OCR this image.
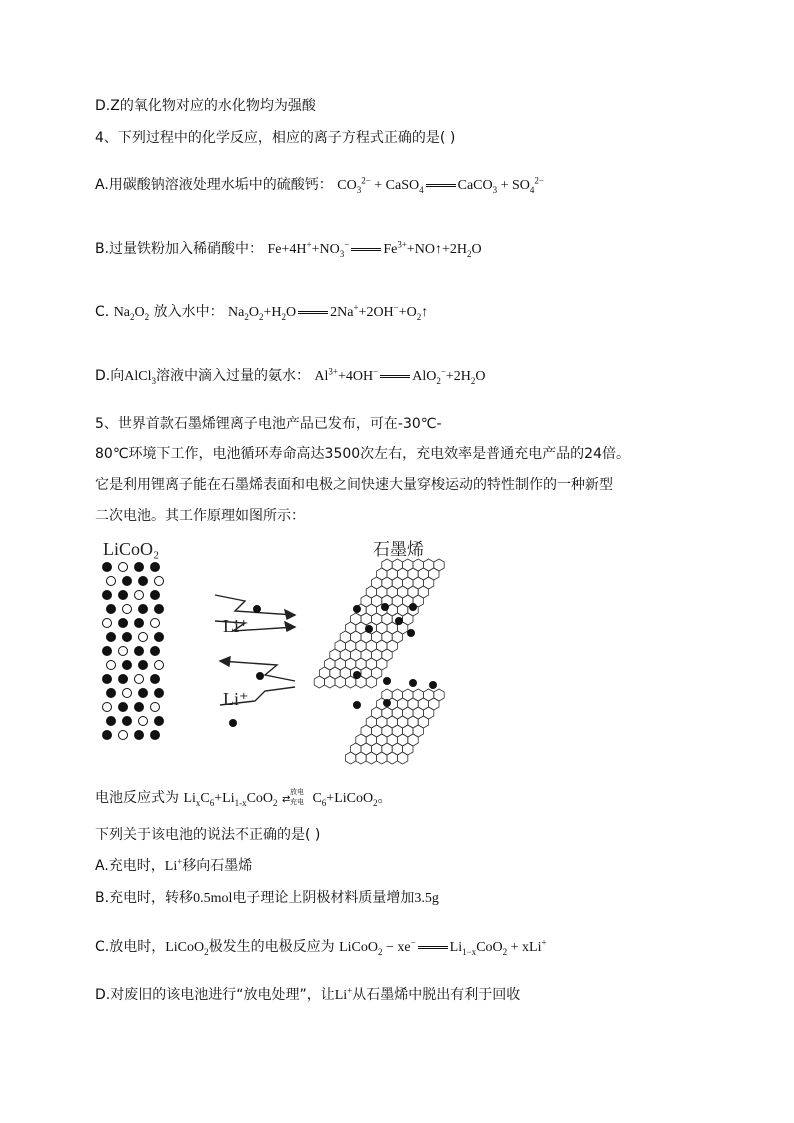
D.Z的氧化物对应的水化物均为强酸
4、下列过程中的化学反应，相应的离子方程式正确的是( )
A.用碳酸钠溶液处理水垢中的硫酸钙： $CO_3^{2-}$ + CaSO$_4$ CaCO$_3$ + $SO_4^{2-}$
B.过量铁粉加入稀硝酸中： $Fe+4H^++NO_3^-$ $Fe^{3+}+NO↑+2H_2O$
C. $Na_2O_2$ 放入水中： $Na_2O_2+H_2O$ $2Na^++2OH^-+O_2↑$
D.向AlCl$_3$溶液中滴入过量的氨水： $Al^{3+}+4OH^-$ $AlO_2^-+2H_2O$
5、世界首款石墨烯锂离子电池产品已发布，可在-30℃-
80℃环境下工作，电池循环寿命高达3500次左右，充电效率是普通充电产品的24倍。
它是利用锂离子能在石墨烯表面和电极之间快速大量穿梭运动的特性制作的一种新型
二次电池。其工作原理如图所示：
LiCoO₂	石墨烯
Li⁺
Li⁺
电池反应式为 $Li_xC_6+Li_{1-x}CoO_2$ ⇄
放电
充电 $C_6+LiCoO_2$。
下列关于该电池的说法不正确的是( )
A.充电时，Li+移向石墨烯
B.充电时，转移0.5mol电子理论上阴极材料质量增加3.5g
C.放电时，LiCoO$_2$极发生的电极反应为 LiCoO$_2$ − xe− $Li_{1-x}CoO_2 + xLi^+$
D.对废旧的该电池进行“放电处理”，让Li+从石墨烯中脱出有利于回收
